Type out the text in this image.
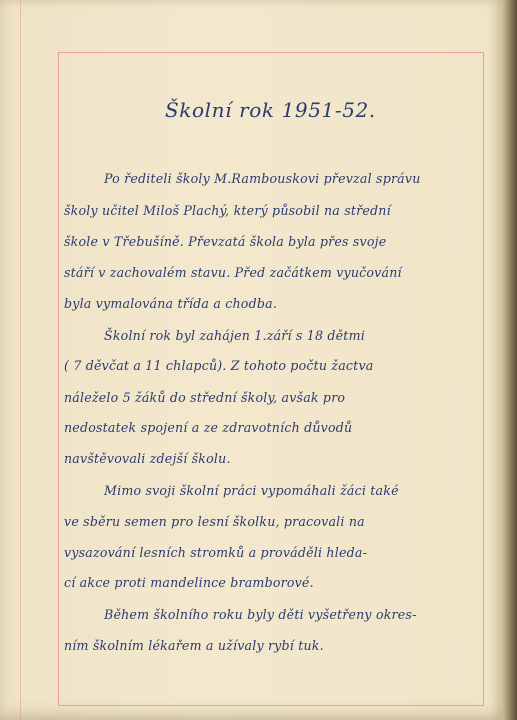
Školní rok 1951-52.
Po řediteli školy M.Rambouskovi převzal správu
školy učitel Miloš Plachý, který působil na střední
škole v Třebušíně. Převzatá škola byla přes svoje
stáří v zachovalém stavu. Před začátkem vyučování
byla vymalována třída a chodba.
Školní rok byl zahájen 1.září s 18 dětmi
( 7 děvčat a 11 chlapců). Z tohoto počtu žactva
náleželo 5 žáků do střední školy, avšak pro
nedostatek spojení a ze zdravotních důvodů
navštěvovali zdejší školu.
Mimo svoji školní práci vypomáhali žáci také
ve sběru semen pro lesní školku, pracovali na
vysazování lesních stromků a prováděli hleda-
cí akce proti mandelince bramborové.
Během školního roku byly děti vyšetřeny okres-
ním školním lékařem a užívaly rybí tuk.
